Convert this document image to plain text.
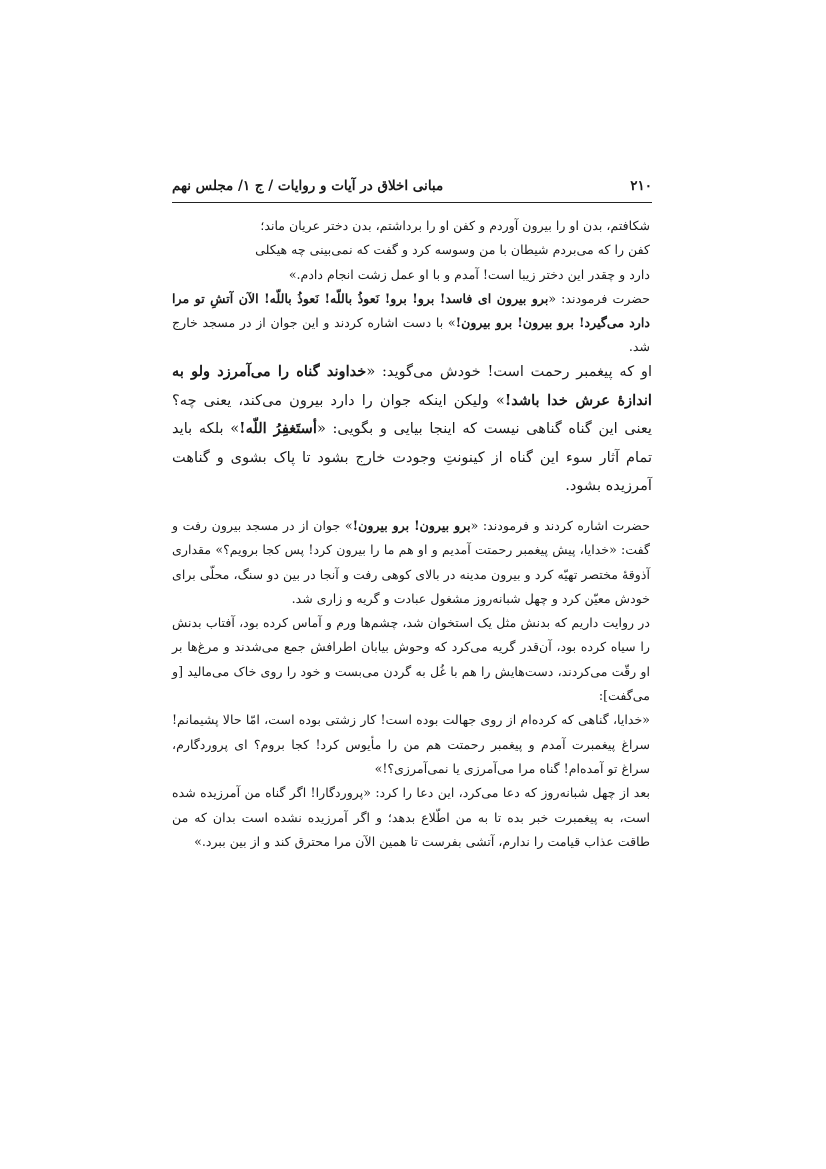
۲۱۰
مبانی اخلاق در آیات و روایات / ج ۱/ مجلس نهم

شکافتم، بدن او را بیرون آوردم و کفن او را برداشتم، بدن دختر عریان ماند؛

کفن را که می‌بردم شیطان با من وسوسه کرد و گفت که نمی‌بینی چه هیکلی

دارد و چقدر این دختر زیبا است! آمدم و با او عمل زشت انجام دادم.»

حضرت فرمودند: «برو بیرون ای فاسد! برو! برو! نَعوذُ باللّه! نَعوذُ باللّه! الآن آتشِ تو مرا دارد می‌گیرد! برو بیرون! برو بیرون!» با دست اشاره کردند و این جوان از در مسجد خارج شد.

او که پیغمبر رحمت است! خودش می‌گوید: «خداوند گناه را می‌آمرزد ولو به اندازهٔ عرش خدا باشد!» ولیکن اینکه جوان را دارد بیرون می‌کند، یعنی چه؟ یعنی این گناه گناهی نیست که اینجا بیایی و بگویی: «أستَغفِرُ اللّه!» بلکه باید تمام آثار سوء این گناه از کینونتِ وجودت خارج بشود تا پاک بشوی و گناهت آمرزیده بشود.

حضرت اشاره کردند و فرمودند: «برو بیرون! برو بیرون!» جوان از در مسجد بیرون رفت و گفت: «خدایا، پیش پیغمبر رحمتت آمدیم و او هم ما را بیرون کرد! پس کجا برویم؟» مقداری آذوقهٔ مختصر تهیّه کرد و بیرون مدینه در بالای کوهی رفت و آنجا در بین دو سنگ، محلّی برای خودش معیّن کرد و چهل شبانه‌روز مشغول عبادت و گریه و زاری شد.

در روایت داریم که بدنش مثل یک استخوان شد، چشم‌ها ورم و آماس کرده بود، آفتاب بدنش را سیاه کرده بود، آن‌قدر گریه می‌کرد که وحوش بیابان اطرافش جمع می‌شدند و مرغ‌ها بر او رقّت می‌کردند، دست‌هایش را هم با غُل به گردن می‌بست و خود را روی خاک می‌مالید [و می‌گفت]:

«خدایا، گناهی که کرده‌ام از روی جهالت بوده است! کار زشتی بوده است، امّا حالا پشیمانم! سراغ پیغمبرت آمدم و پیغمبر رحمتت هم من را مأیوس کرد! کجا بروم؟ ای پروردگارم، سراغ تو آمده‌ام! گناه مرا می‌آمرزی یا نمی‌آمرزی؟!»

بعد از چهل شبانه‌روز که دعا می‌کرد، این دعا را کرد: «پروردگارا! اگر گناه من آمرزیده شده است، به پیغمبرت خبر بده تا به من اطّلاع بدهد؛ و اگر آمرزیده نشده است بدان که من طاقت عذاب قیامت را ندارم، آتشی بفرست تا همین الآن مرا محترق کند و از بین ببرد.»
